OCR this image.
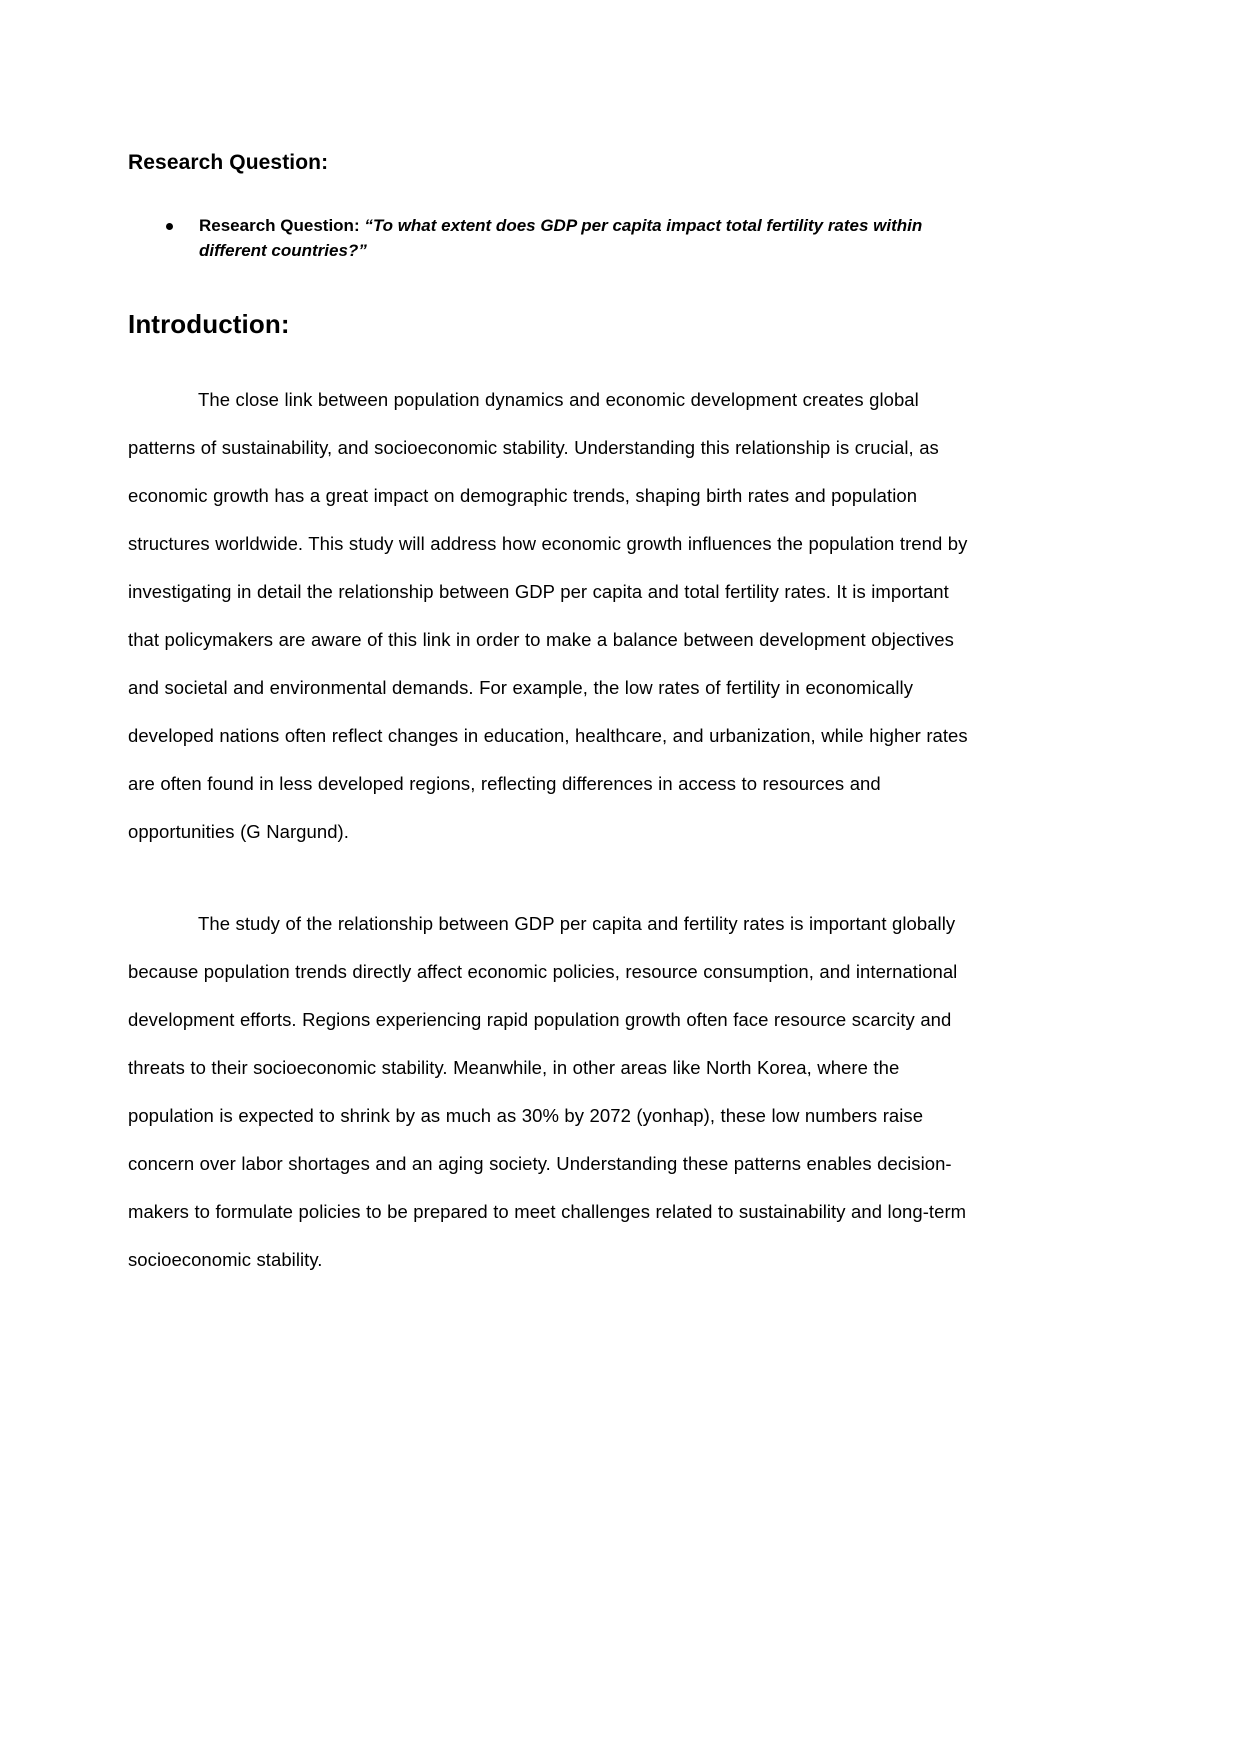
Research Question:
Research Question: “To what extent does GDP per capita impact total fertility rates within different countries?”
Introduction:

The close link between population dynamics and economic development creates global patterns of sustainability, and socioeconomic stability. Understanding this relationship is crucial, as economic growth has a great impact on demographic trends, shaping birth rates and population structures worldwide. This study will address how economic growth influences the population trend by investigating in detail the relationship between GDP per capita and total fertility rates. It is important that policymakers are aware of this link in order to make a balance between development objectives and societal and environmental demands. For example, the low rates of fertility in economically developed nations often reflect changes in education, healthcare, and urbanization, while higher rates are often found in less developed regions, reflecting differences in access to resources and opportunities (G Nargund).

The study of the relationship between GDP per capita and fertility rates is important globally because population trends directly affect economic policies, resource consumption, and international development efforts. Regions experiencing rapid population growth often face resource scarcity and threats to their socioeconomic stability. Meanwhile, in other areas like North Korea, where the population is expected to shrink by as much as 30% by 2072 (yonhap), these low numbers raise concern over labor shortages and an aging society. Understanding these patterns enables decision-makers to formulate policies to be prepared to meet challenges related to sustainability and long-term socioeconomic stability.
